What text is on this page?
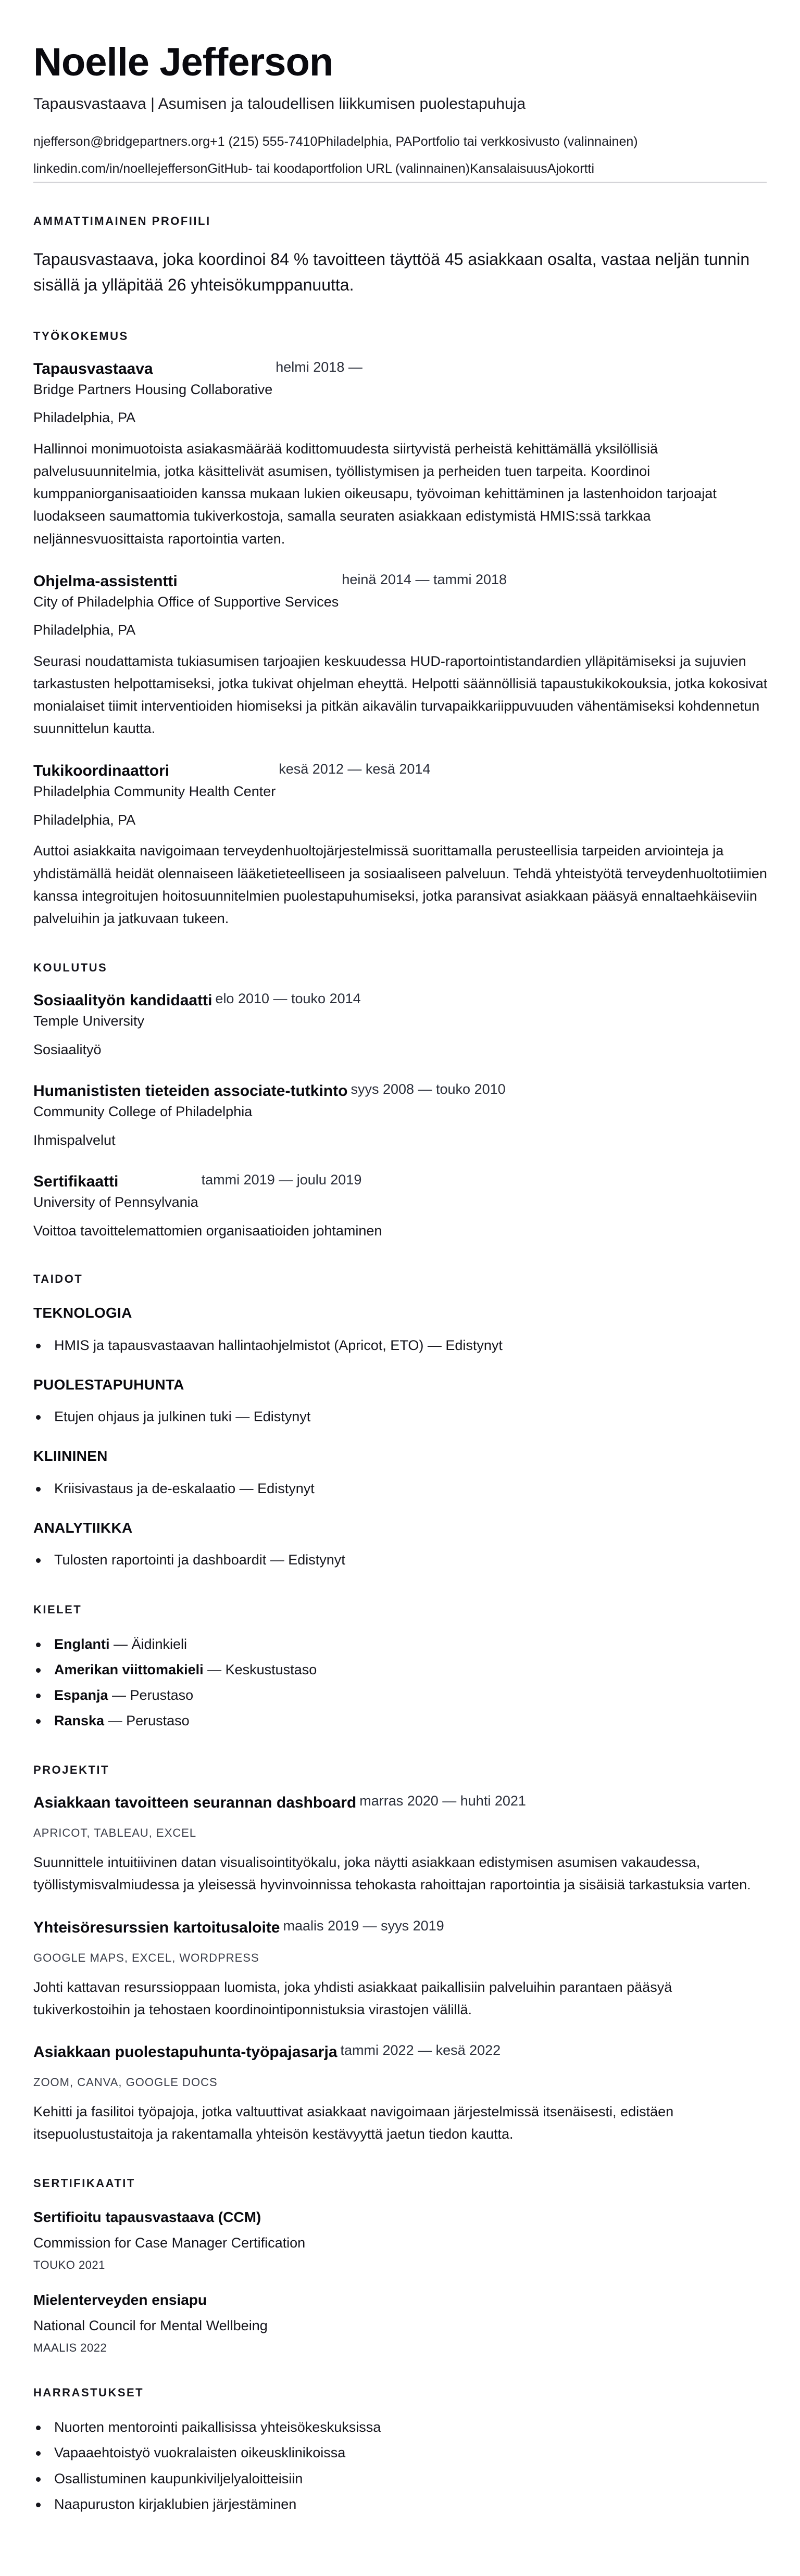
Noelle Jefferson
Tapausvastaava | Asumisen ja taloudellisen liikkumisen puolestapuhuja
njefferson@bridgepartners.org+1 (215) 555-7410Philadelphia, PAPortfolio tai verkkosivusto (valinnainen)
linkedin.com/in/noellejeffersonGitHub- tai koodaportfolion URL (valinnainen)KansalaisuusAjokortti
AMMATTIMAINEN PROFIILI

Tapausvastaava, joka koordinoi 84 % tavoitteen täyttöä 45 asiakkaan osalta, vastaa neljän tunnin sisällä ja ylläpitää 26 yhteisökumppanuutta.

TYÖKOKEMUS
Tapausvastaava
Bridge Partners Housing Collaborative
helmi 2018 —
Philadelphia, PA

Hallinnoi monimuotoista asiakasmäärää kodittomuudesta siirtyvistä perheistä kehittämällä yksilöllisiä palvelusuunnitelmia, jotka käsittelivät asumisen, työllistymisen ja perheiden tuen tarpeita. Koordinoi kumppaniorganisaatioiden kanssa mukaan lukien oikeusapu, työvoiman kehittäminen ja lastenhoidon tarjoajat luodakseen saumattomia tukiverkostoja, samalla seuraten asiakkaan edistymistä HMIS:ssä tarkkaa neljännesvuosittaista raportointia varten.

Ohjelma-assistentti
City of Philadelphia Office of Supportive Services
heinä 2014 — tammi 2018
Philadelphia, PA

Seurasi noudattamista tukiasumisen tarjoajien keskuudessa HUD-raportointistandardien ylläpitämiseksi ja sujuvien tarkastusten helpottamiseksi, jotka tukivat ohjelman eheyttä. Helpotti säännöllisiä tapaustukikokouksia, jotka kokosivat monialaiset tiimit interventioiden hiomiseksi ja pitkän aikavälin turvapaikkariippuvuuden vähentämiseksi kohdennetun suunnittelun kautta.

Tukikoordinaattori
Philadelphia Community Health Center
kesä 2012 — kesä 2014
Philadelphia, PA

Auttoi asiakkaita navigoimaan terveydenhuoltojärjestelmissä suorittamalla perusteellisia tarpeiden arviointeja ja yhdistämällä heidät olennaiseen lääketieteelliseen ja sosiaaliseen palveluun. Tehdä yhteistyötä terveydenhuoltotiimien kanssa integroitujen hoitosuunnitelmien puolestapuhumiseksi, jotka paransivat asiakkaan pääsyä ennaltaehkäiseviin palveluihin ja jatkuvaan tukeen.

KOULUTUS
Sosiaalityön kandidaatti
Temple University
elo 2010 — touko 2014
Sosiaalityö
Humanististen tieteiden associate-tutkinto
Community College of Philadelphia
syys 2008 — touko 2010
Ihmispalvelut
Sertifikaatti
University of Pennsylvania
tammi 2019 — joulu 2019
Voittoa tavoittelemattomien organisaatioiden johtaminen
TAIDOT
TEKNOLOGIA
HMIS ja tapausvastaavan hallintaohjelmistot (Apricot, ETO) — Edistynyt
PUOLESTAPUHUNTA
Etujen ohjaus ja julkinen tuki — Edistynyt
KLIININEN
Kriisivastaus ja de-eskalaatio — Edistynyt
ANALYTIIKKA
Tulosten raportointi ja dashboardit — Edistynyt
KIELET
Englanti — Äidinkieli
Amerikan viittomakieli — Keskustustaso
Espanja — Perustaso
Ranska — Perustaso
PROJEKTIT
Asiakkaan tavoitteen seurannan dashboard marras 2020 — huhti 2021
APRICOT, TABLEAU, EXCEL

Suunnittele intuitiivinen datan visualisointityökalu, joka näytti asiakkaan edistymisen asumisen vakaudessa, työllistymisvalmiudessa ja yleisessä hyvinvoinnissa tehokasta rahoittajan raportointia ja sisäisiä tarkastuksia varten.

Yhteisöresurssien kartoitusaloite maalis 2019 — syys 2019
GOOGLE MAPS, EXCEL, WORDPRESS

Johti kattavan resurssioppaan luomista, joka yhdisti asiakkaat paikallisiin palveluihin parantaen pääsyä tukiverkostoihin ja tehostaen koordinointiponnistuksia virastojen välillä.

Asiakkaan puolestapuhunta-työpajasarja tammi 2022 — kesä 2022
ZOOM, CANVA, GOOGLE DOCS

Kehitti ja fasilitoi työpajoja, jotka valtuuttivat asiakkaat navigoimaan järjestelmissä itsenäisesti, edistäen itsepuolustustaitoja ja rakentamalla yhteisön kestävyyttä jaetun tiedon kautta.

SERTIFIKAATIT
Sertifioitu tapausvastaava (CCM)
Commission for Case Manager Certification
TOUKO 2021
Mielenterveyden ensiapu
National Council for Mental Wellbeing
MAALIS 2022
HARRASTUKSET
Nuorten mentorointi paikallisissa yhteisökeskuksissa
Vapaaehtoistyö vuokralaisten oikeusklinikoissa
Osallistuminen kaupunkiviljelyaloitteisiin
Naapuruston kirjaklubien järjestäminen
